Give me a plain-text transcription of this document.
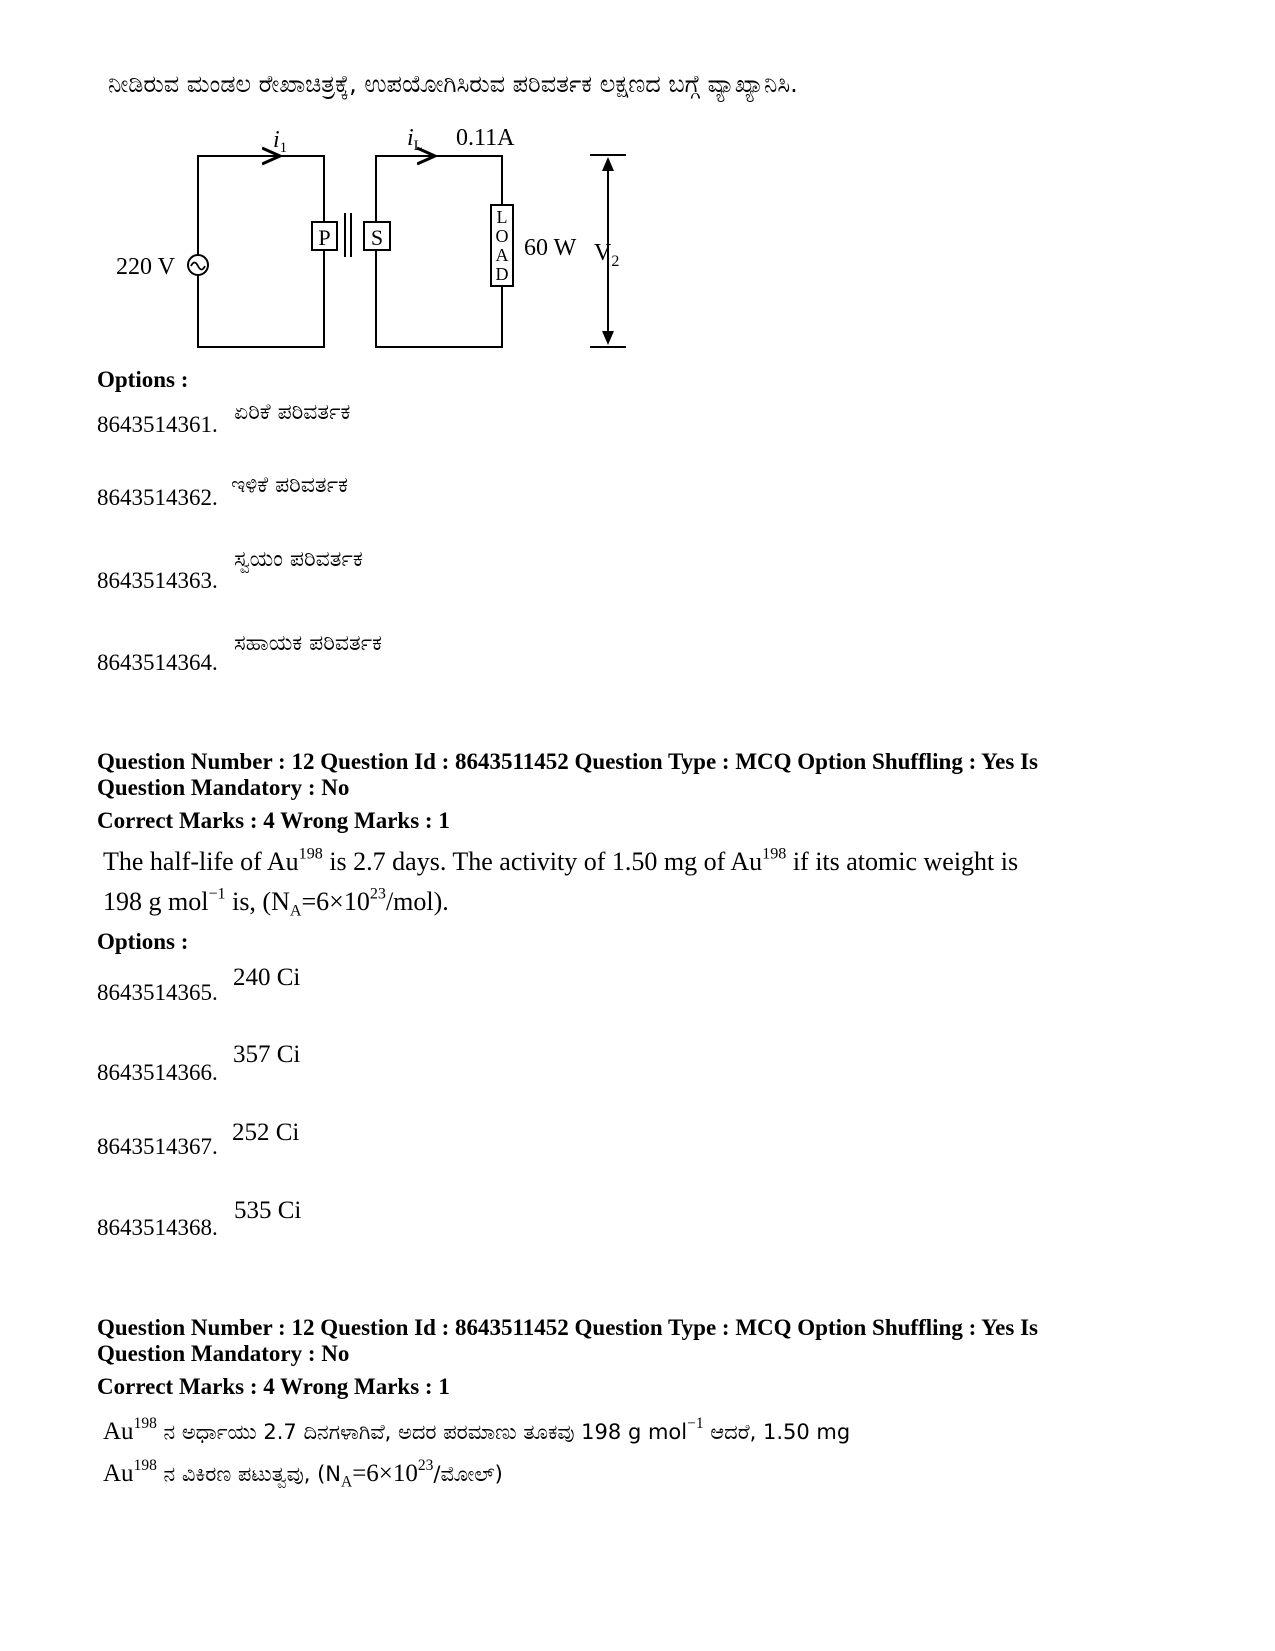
ನೀಡಿರುವ ಮಂಡಲ ರೇಖಾಚಿತ್ರಕ್ಕೆ, ಉಪಯೋಗಿಸಿರುವ ಪರಿವರ್ತಕ ಲಕ್ಷಣದ ಬಗ್ಗೆ ವ್ಯಾಖ್ಯಾನಿಸಿ.
220 V
P S
L
O
A
D
60 W
$i_1$	$i_L$ 0.11A
$V_2$
Options :
8643514361. ಏರಿಕೆ ಪರಿವರ್ತಕ
8643514362. ಇಳಿಕೆ ಪರಿವರ್ತಕ
8643514363.
ಸ್ವಯಂ ಪರಿವರ್ತಕ
8643514364.
ಸಹಾಯಕ ಪರಿವರ್ತಕ
Question Number : 12 Question Id : 8643511452 Question Type : MCQ Option Shuffling : Yes Is
Question Mandatory : No
Correct Marks : 4 Wrong Marks : 1
The half-life of Au$^{198}$ is 2.7 days. The activity of 1.50 mg of Au$^{198}$ if its atomic weight is
198 g mol$^{-1}$ is, $(N_A=6\times 10^{23}/mol)$.
Options :
8643514365.
240 Ci
8643514366.
357 Ci
8643514367.
252 Ci
8643514368.
535 Ci
Question Number : 12 Question Id : 8643511452 Question Type : MCQ Option Shuffling : Yes Is
Question Mandatory : No
Correct Marks : 4 Wrong Marks : 1
Au$^{198}$ ನ ಅರ್ಧಾಯು 2.7 ದಿನಗಳಾಗಿವೆ, ಅದರ ಪರಮಾಣು ತೂಕವು 198 g mol$^{-1}$ ಆದರೆ, 1.50 mg
Au$^{198}$ ನ ವಿಕಿರಣ ಪಟುತ್ವವು, $(N_A=6\times 10^{23}/ಮೋಲ್)$
